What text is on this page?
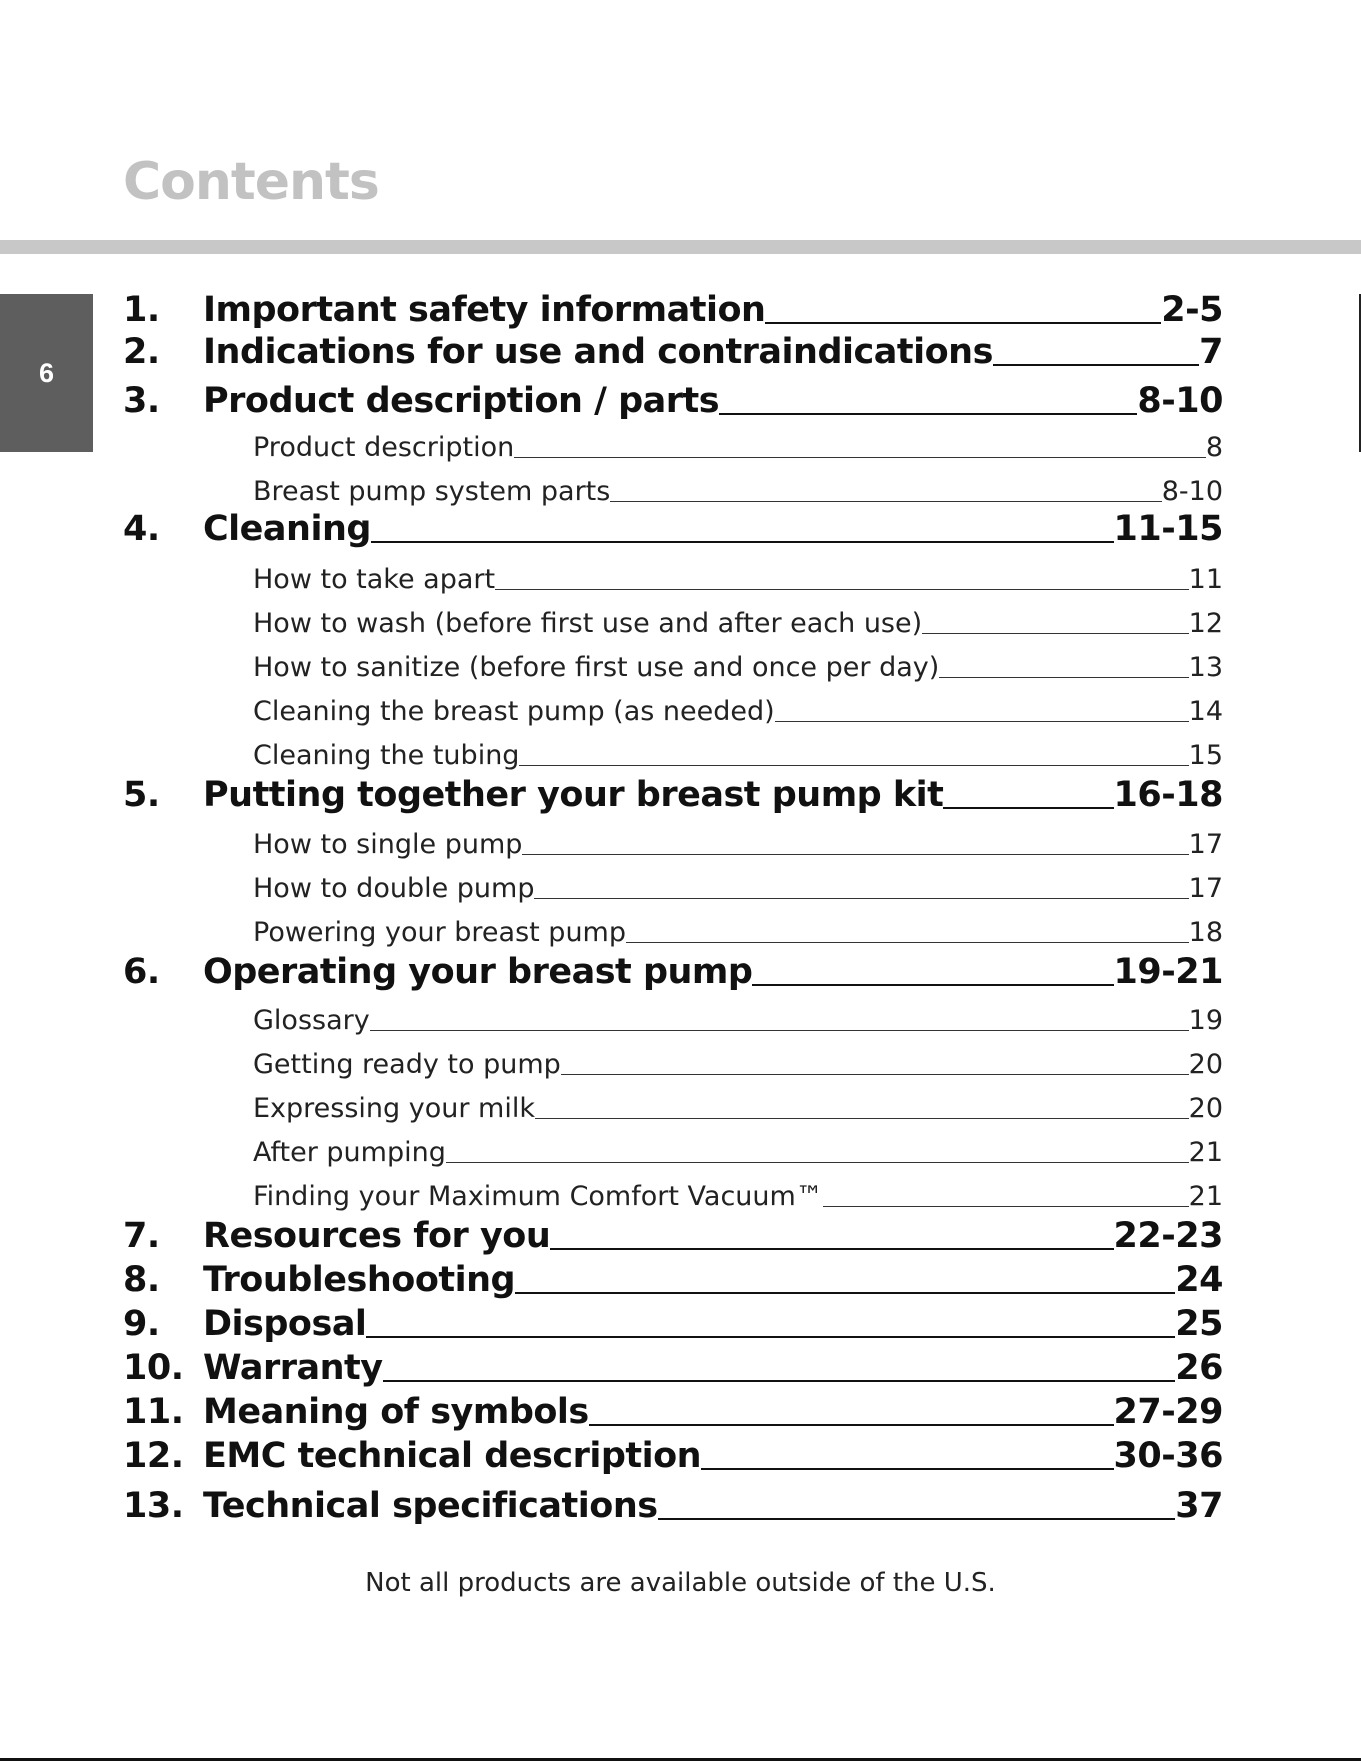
Contents
6
1.	Important safety information	2-5
2.	Indications for use and contraindications	7
3.	Product description / parts	8-10
Product description	8
Breast pump system parts	8-10
4.	Cleaning	11-15
How to take apart	11
How to wash (before first use and after each use)	12
How to sanitize (before first use and once per day)	13
Cleaning the breast pump (as needed)	14
Cleaning the tubing	15
5.	Putting together your breast pump kit	16-18
How to single pump	17
How to double pump	17
Powering your breast pump	18
6.	Operating your breast pump	19-21
Glossary	19
Getting ready to pump	20
Expressing your milk	20
After pumping	21
Finding your Maximum Comfort Vacuum™	21
7.	Resources for you	22-23
8.	Troubleshooting	24
9.	Disposal	25
10. Warranty	26
11. Meaning of symbols	27-29
12. EMC technical description	30-36
13. Technical specifications	37
Not all products are available outside of the U.S.
